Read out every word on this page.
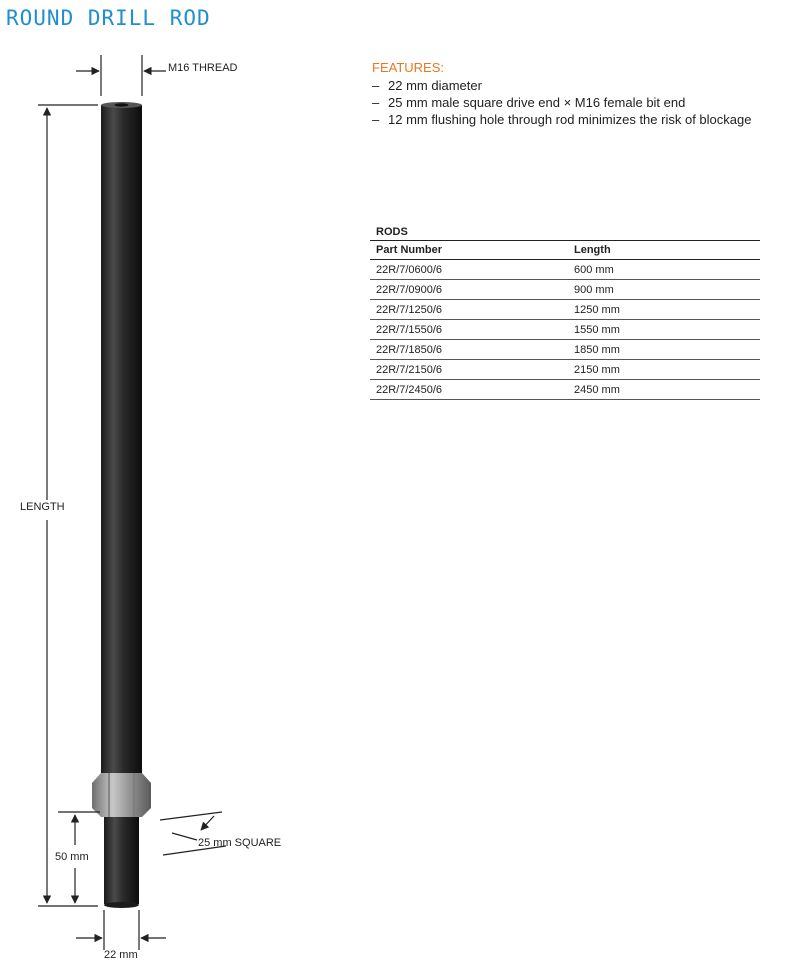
ROUND DRILL ROD
M16 THREAD
LENGTH
50 mm
25 mm SQUARE
22 mm
FEATURES:
– 22 mm diameter
– 25 mm male square drive end × M16 female bit end
– 12 mm flushing hole through rod minimizes the risk of blockage
RODS
Part Number	Length
22R/7/0600/6	600 mm
22R/7/0900/6	900 mm
22R/7/1250/6	1250 mm
22R/7/1550/6	1550 mm
22R/7/1850/6	1850 mm
22R/7/2150/6	2150 mm
22R/7/2450/6	2450 mm
